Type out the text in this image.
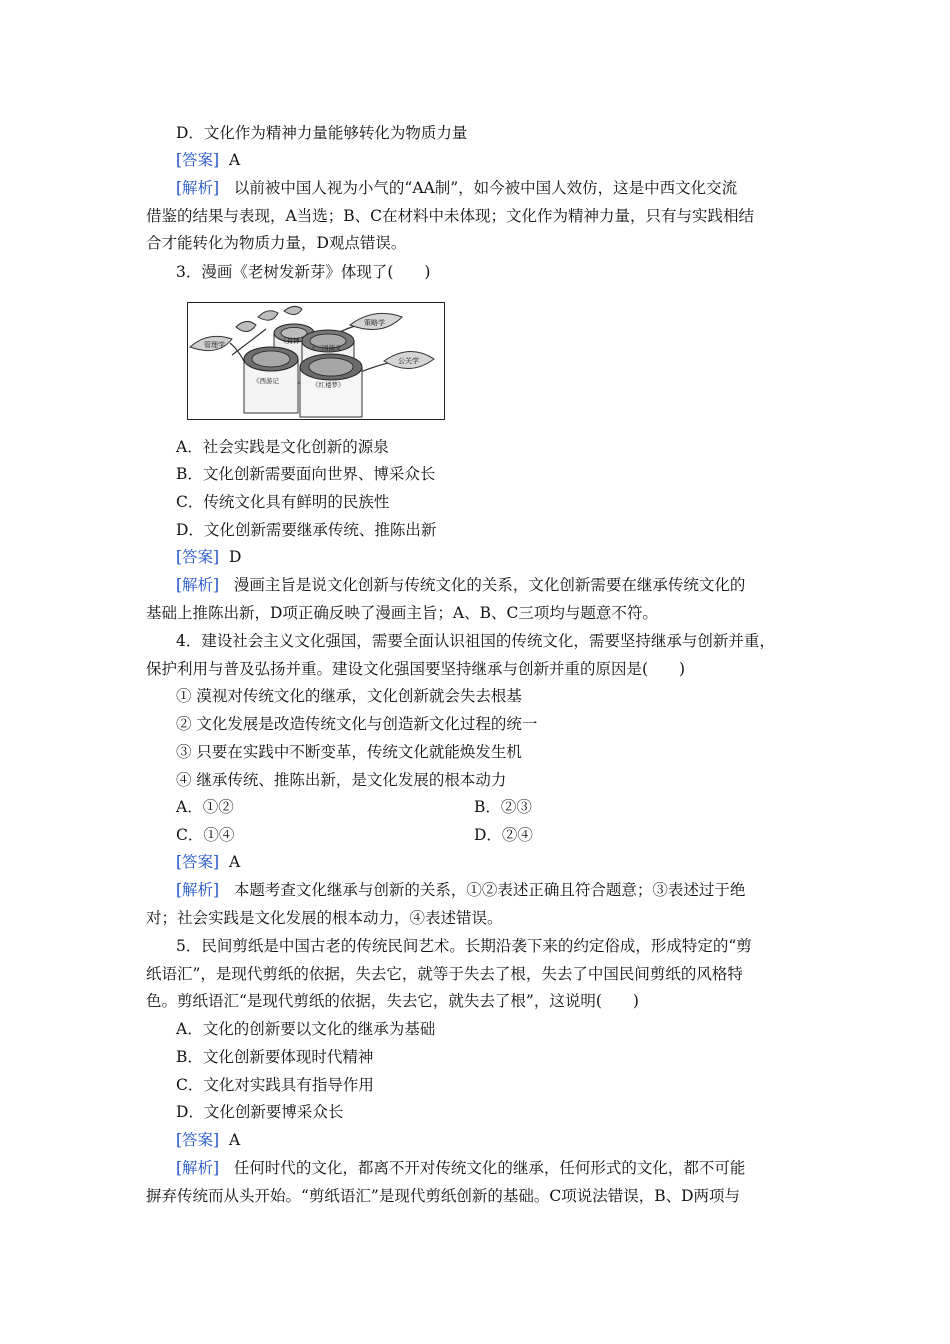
D．文化作为精神力量能够转化为物质力量
[答案] A
[解析] 以前被中国人视为小气的“AA制”，如今被中国人效仿，这是中西文化交流
借鉴的结果与表现，A当选；B、C在材料中未体现；文化作为精神力量，只有与实践相结
合才能转化为物质力量，D观点错误。
3．漫画《老树发新芽》体现了(　　)
管理学
策略学
公关学
《封神
《三国演义
《西游记	《红楼梦》
A．社会实践是文化创新的源泉
B．文化创新需要面向世界、博采众长
C．传统文化具有鲜明的民族性
D．文化创新需要继承传统、推陈出新
[答案] D
[解析] 漫画主旨是说文化创新与传统文化的关系，文化创新需要在继承传统文化的
基础上推陈出新，D项正确反映了漫画主旨；A、B、C三项均与题意不符。
4．建设社会主义文化强国，需要全面认识祖国的传统文化，需要坚持继承与创新并重，
保护利用与普及弘扬并重。建设文化强国要坚持继承与创新并重的原因是(　　)
① 漠视对传统文化的继承，文化创新就会失去根基
② 文化发展是改造传统文化与创造新文化过程的统一
③ 只要在实践中不断变革，传统文化就能焕发生机
④ 继承传统、推陈出新，是文化发展的根本动力
A．①②	B．②③
C．①④	D．②④
[答案] A
[解析] 本题考查文化继承与创新的关系，①②表述正确且符合题意；③表述过于绝
对；社会实践是文化发展的根本动力，④表述错误。
5．民间剪纸是中国古老的传统民间艺术。长期沿袭下来的约定俗成，形成特定的“剪
纸语汇”，是现代剪纸的依据，失去它，就等于失去了根，失去了中国民间剪纸的风格特
色。剪纸语汇“是现代剪纸的依据，失去它，就失去了根”，这说明(　　)
A．文化的创新要以文化的继承为基础
B．文化创新要体现时代精神
C．文化对实践具有指导作用
D．文化创新要博采众长
[答案] A
[解析] 任何时代的文化，都离不开对传统文化的继承，任何形式的文化，都不可能
摒弃传统而从头开始。“剪纸语汇”是现代剪纸创新的基础。C项说法错误，B、D两项与
